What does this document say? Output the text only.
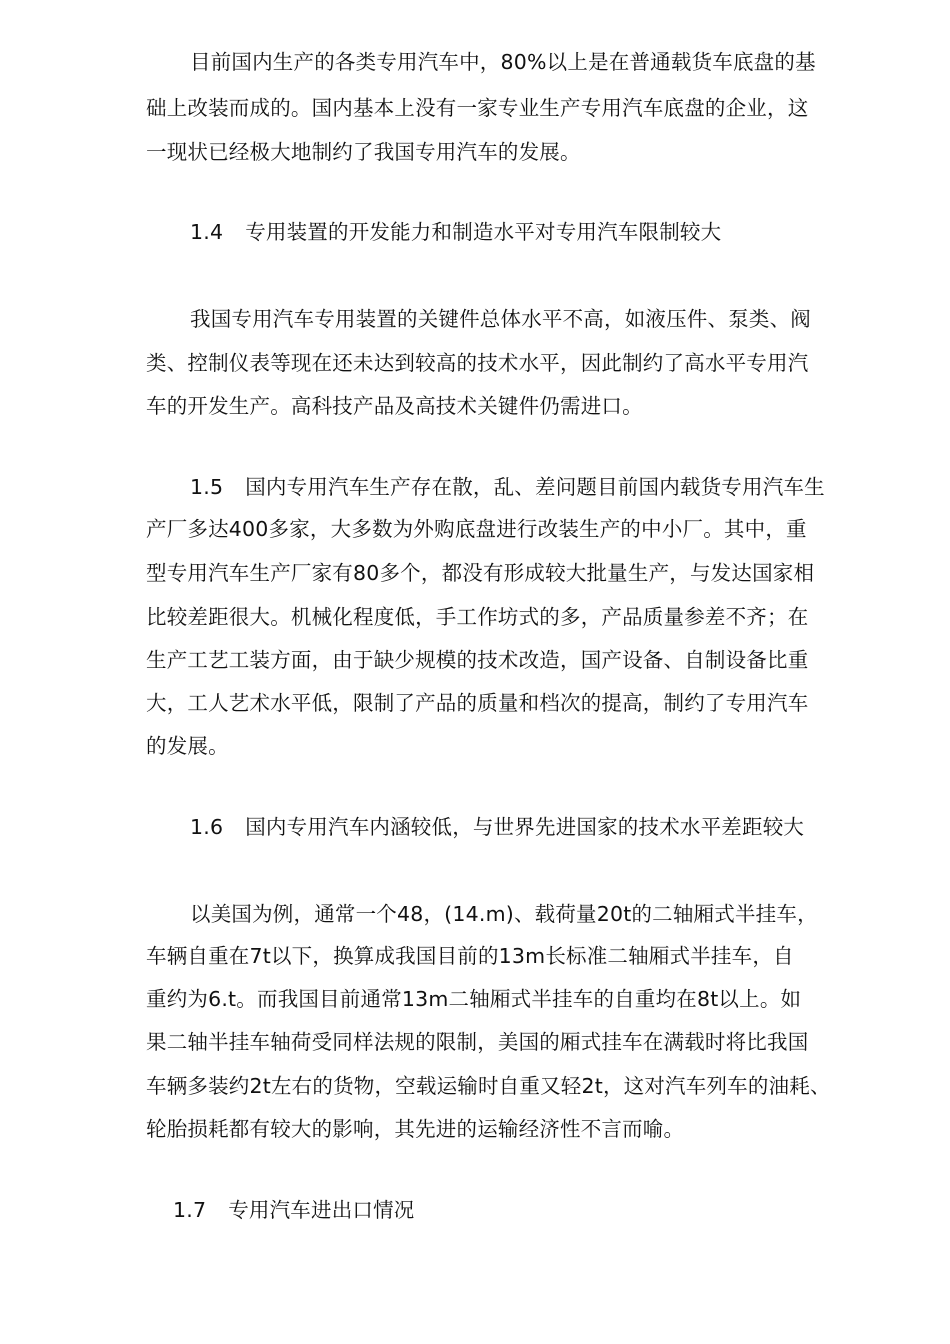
目前国内生产的各类专用汽车中，80%以上是在普通载货车底盘的基
础上改装而成的。国内基本上没有一家专业生产专用汽车底盘的企业，这
一现状已经极大地制约了我国专用汽车的发展。
1.4 专用装置的开发能力和制造水平对专用汽车限制较大
我国专用汽车专用装置的关键件总体水平不高，如液压件、泵类、阀
类、控制仪表等现在还未达到较高的技术水平，因此制约了高水平专用汽
车的开发生产。高科技产品及高技术关键件仍需进口。
1.5 国内专用汽车生产存在散，乱、差问题目前国内载货专用汽车生
产厂多达400多家，大多数为外购底盘进行改装生产的中小厂。其中，重
型专用汽车生产厂家有80多个，都没有形成较大批量生产，与发达国家相
比较差距很大。机械化程度低，手工作坊式的多，产品质量参差不齐；在
生产工艺工装方面，由于缺少规模的技术改造，国产设备、自制设备比重
大，工人艺术水平低，限制了产品的质量和档次的提高，制约了专用汽车
的发展。
1.6 国内专用汽车内涵较低，与世界先进国家的技术水平差距较大
以美国为例，通常一个48，(14.m)、载荷量20t的二轴厢式半挂车，
车辆自重在7t以下，换算成我国目前的13m长标准二轴厢式半挂车，自
重约为6.t。而我国目前通常13m二轴厢式半挂车的自重均在8t以上。如
果二轴半挂车轴荷受同样法规的限制，美国的厢式挂车在满载时将比我国
车辆多装约2t左右的货物，空载运输时自重又轻2t，这对汽车列车的油耗、
轮胎损耗都有较大的影响，其先进的运输经济性不言而喻。
1.7 专用汽车进出口情况
